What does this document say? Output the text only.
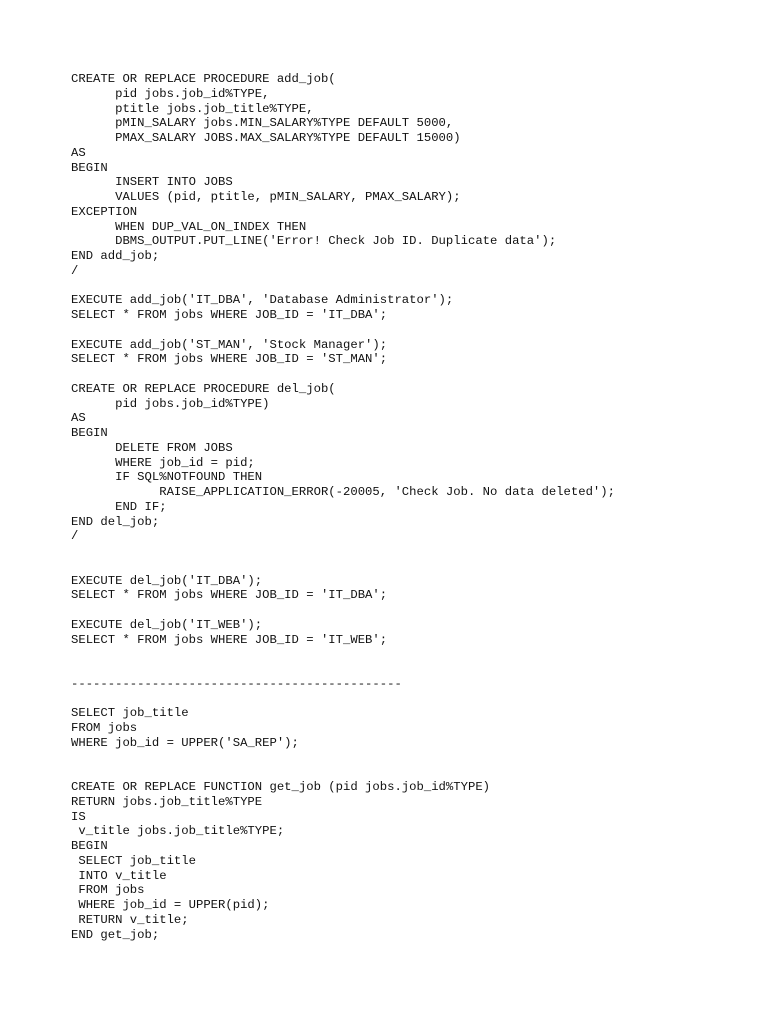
CREATE OR REPLACE PROCEDURE add_job(
pid jobs.job_id%TYPE,
ptitle jobs.job_title%TYPE,
pMIN_SALARY jobs.MIN_SALARY%TYPE DEFAULT 5000,
PMAX_SALARY JOBS.MAX_SALARY%TYPE DEFAULT 15000)
AS
BEGIN
INSERT INTO JOBS
VALUES (pid, ptitle, pMIN_SALARY, PMAX_SALARY);
EXCEPTION
WHEN DUP_VAL_ON_INDEX THEN
DBMS_OUTPUT.PUT_LINE('Error! Check Job ID. Duplicate data');
END add_job;
/
EXECUTE add_job('IT_DBA', 'Database Administrator');
SELECT * FROM jobs WHERE JOB_ID = 'IT_DBA';
EXECUTE add_job('ST_MAN', 'Stock Manager');
SELECT * FROM jobs WHERE JOB_ID = 'ST_MAN';
CREATE OR REPLACE PROCEDURE del_job(
pid jobs.job_id%TYPE)
AS
BEGIN
DELETE FROM JOBS
WHERE job_id = pid;
IF SQL%NOTFOUND THEN
RAISE_APPLICATION_ERROR(-20005, 'Check Job. No data deleted');
END IF;
END del_job;
/
EXECUTE del_job('IT_DBA');
SELECT * FROM jobs WHERE JOB_ID = 'IT_DBA';
EXECUTE del_job('IT_WEB');
SELECT * FROM jobs WHERE JOB_ID = 'IT_WEB';
---------------------------------------------
SELECT job_title
FROM jobs
WHERE job_id = UPPER('SA_REP');
CREATE OR REPLACE FUNCTION get_job (pid jobs.job_id%TYPE)
RETURN jobs.job_title%TYPE
IS
v_title jobs.job_title%TYPE;
BEGIN
SELECT job_title
INTO v_title
FROM jobs
WHERE job_id = UPPER(pid);
RETURN v_title;
END get_job;
